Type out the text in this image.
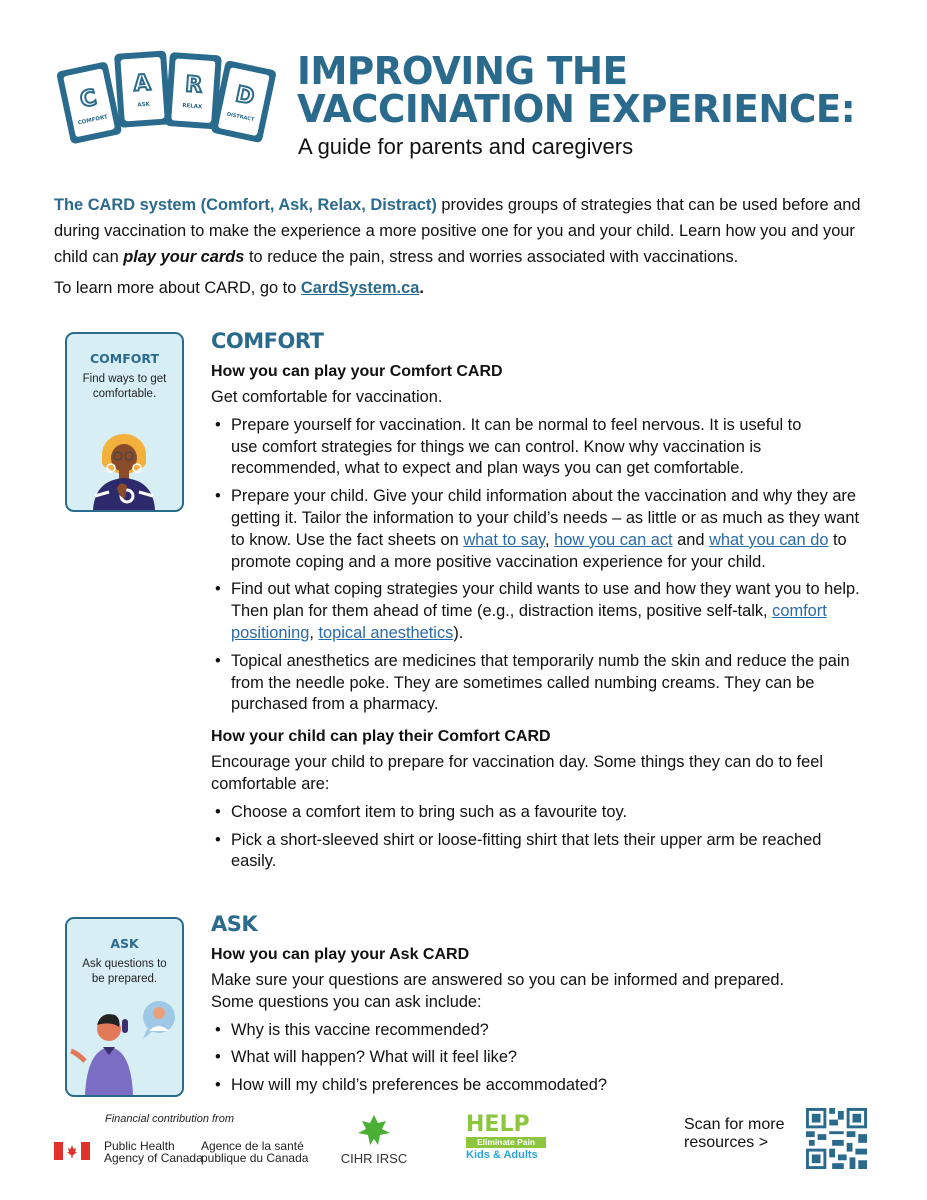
C
COMFORT
A
ASK
R
RELAX D
DISTRACT
IMPROVING THE
VACCINATION EXPERIENCE:
A guide for parents and caregivers

The CARD system (Comfort, Ask, Relax, Distract) provides groups of strategies that can be used before and during vaccination to make the experience a more positive one for you and your child. Learn how you and your child can play your cards to reduce the pain, stress and worries associated with vaccinations.

To learn more about CARD, go to CardSystem.ca.
COMFORT
Find ways to get comfortable.
COMFORT
How you can play your Comfort CARD

Get comfortable for vaccination.

• Prepare yourself for vaccination. It can be normal to feel nervous. It is useful to use comfort strategies for things we can control. Know why vaccination is recommended, what to expect and plan ways you can get comfortable.
• Prepare your child. Give your child information about the vaccination and why they are getting it. Tailor the information to your child’s needs – as little or as much as they want to know. Use the fact sheets on what to say, how you can act and what you can do to promote coping and a more positive vaccination experience for your child.
• Find out what coping strategies your child wants to use and how they want you to help. Then plan for them ahead of time (e.g., distraction items, positive self-talk, comfort positioning, topical anesthetics).
• Topical anesthetics are medicines that temporarily numb the skin and reduce the pain from the needle poke. They are sometimes called numbing creams. They can be purchased from a pharmacy.
How your child can play their Comfort CARD

Encourage your child to prepare for vaccination day. Some things they can do to feel comfortable are:

• Choose a comfort item to bring such as a favourite toy.
• Pick a short-sleeved shirt or loose-fitting shirt that lets their upper arm be reached easily.
ASK
Ask questions to be prepared.
ASK
How you can play your Ask CARD

Make sure your questions are answered so you can be informed and prepared. Some questions you can ask include:

• Why is this vaccine recommended?
• What will happen? What will it feel like?
• How will my child’s preferences be accommodated?
Financial contribution from
Public Health
Agency of Canada
Agence de la santé
publique du Canada CIHR IRSC
HELP
Eliminate Pain
Kids & Adults
Scan for more
resources >
